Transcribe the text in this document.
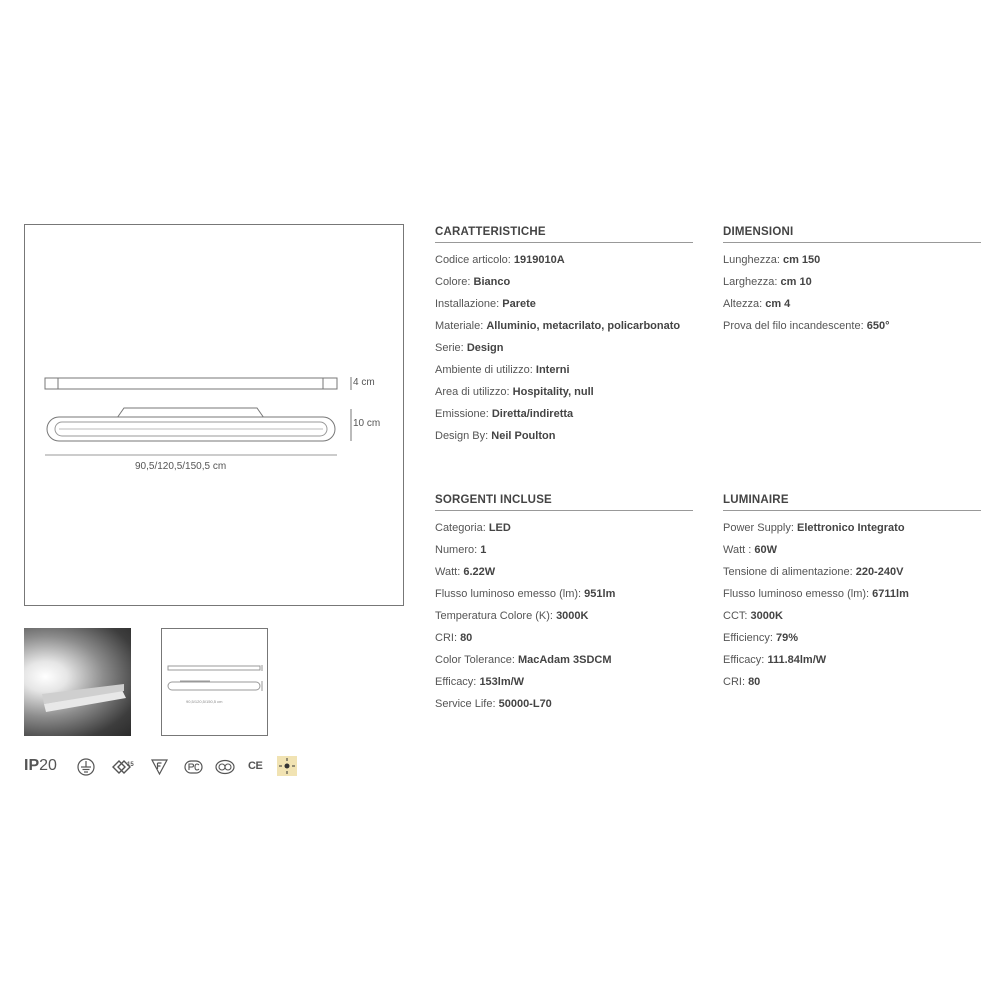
4 cm
10 cm
90,5/120,5/150,5 cm
90,5/120,5/150,5 cm
CARATTERISTICHE
Codice articolo: 1919010A
Colore: Bianco
Installazione: Parete
Materiale: Alluminio, metacrilato, policarbonato
Serie: Design
Ambiente di utilizzo: Interni
Area di utilizzo: Hospitality, null
Emissione: Diretta/indiretta
Design By: Neil Poulton
DIMENSIONI
Lunghezza: cm 150
Larghezza: cm 10
Altezza: cm 4
Prova del filo incandescente: 650°
SORGENTI INCLUSE
Categoria: LED
Numero: 1
Watt: 6.22W
Flusso luminoso emesso (lm): 951lm
Temperatura Colore (K): 3000K
CRI: 80
Color Tolerance: MacAdam 3SDCM
Efficacy: 153lm/W
Service Life: 50000-L70
LUMINAIRE
Power Supply: Elettronico Integrato
Watt : 60W
Tensione di alimentazione: 220-240V
Flusso luminoso emesso (lm): 6711lm
CCT: 3000K
Efficiency: 79%
Efficacy: 111.84lm/W
CRI: 80
IP20	15	CE
